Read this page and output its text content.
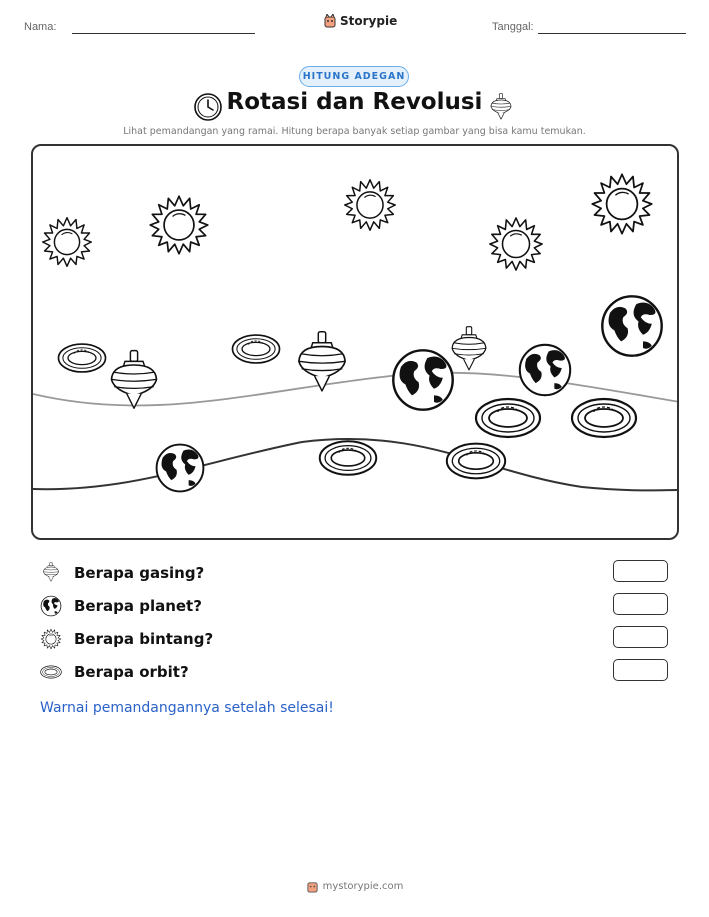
Nama:	Storypie	Tanggal:
HITUNG ADEGAN
Rotasi dan Revolusi
Lihat pemandangan yang ramai. Hitung berapa banyak setiap gambar yang bisa kamu temukan.
Berapa gasing?
Berapa planet?
Berapa bintang?
Berapa orbit?
Warnai pemandangannya setelah selesai!
mystorypie.com
